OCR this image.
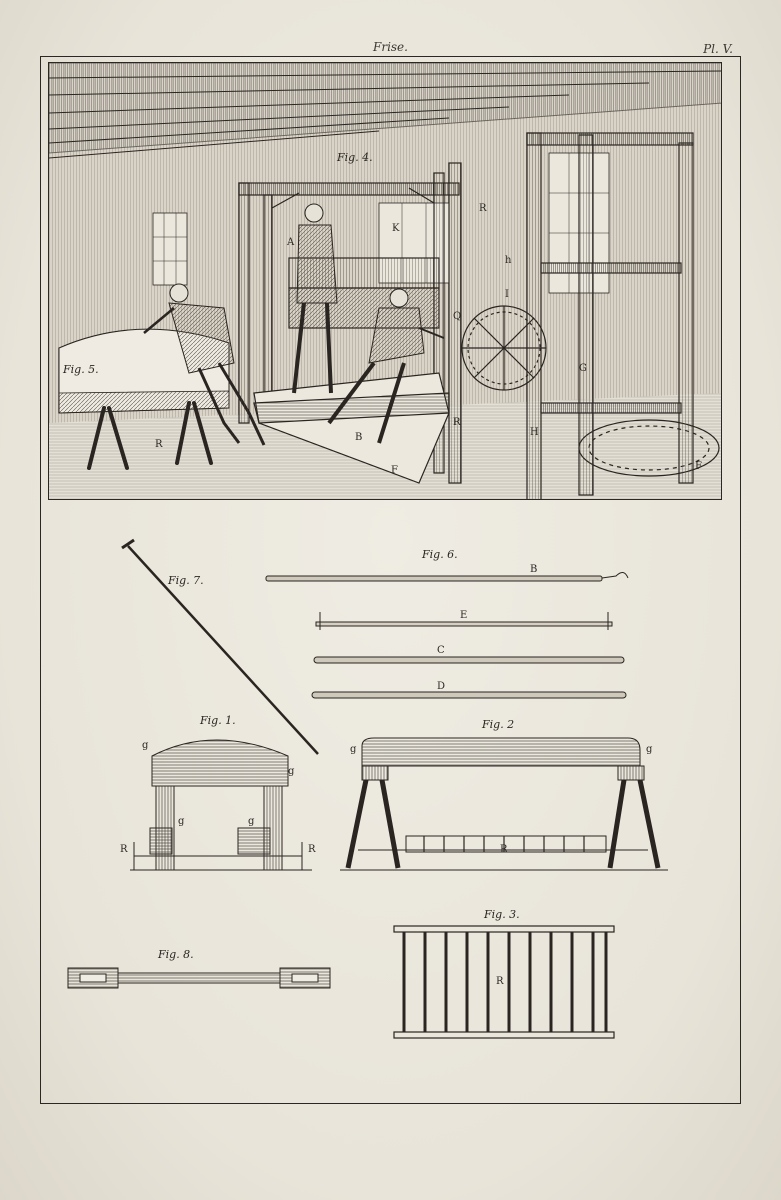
Frise.	Pl. V.
Fig. 4.
Fig. 5.
A
B
F	F
G
H
h
I
K
Q
R
R
R
Fig. 6.
B
E
C
D
Fig. 7.
Fig. 1.
g
g
g	g
R	R
Fig. 2
g	g
R
Fig. 3.
R
Fig. 8.
